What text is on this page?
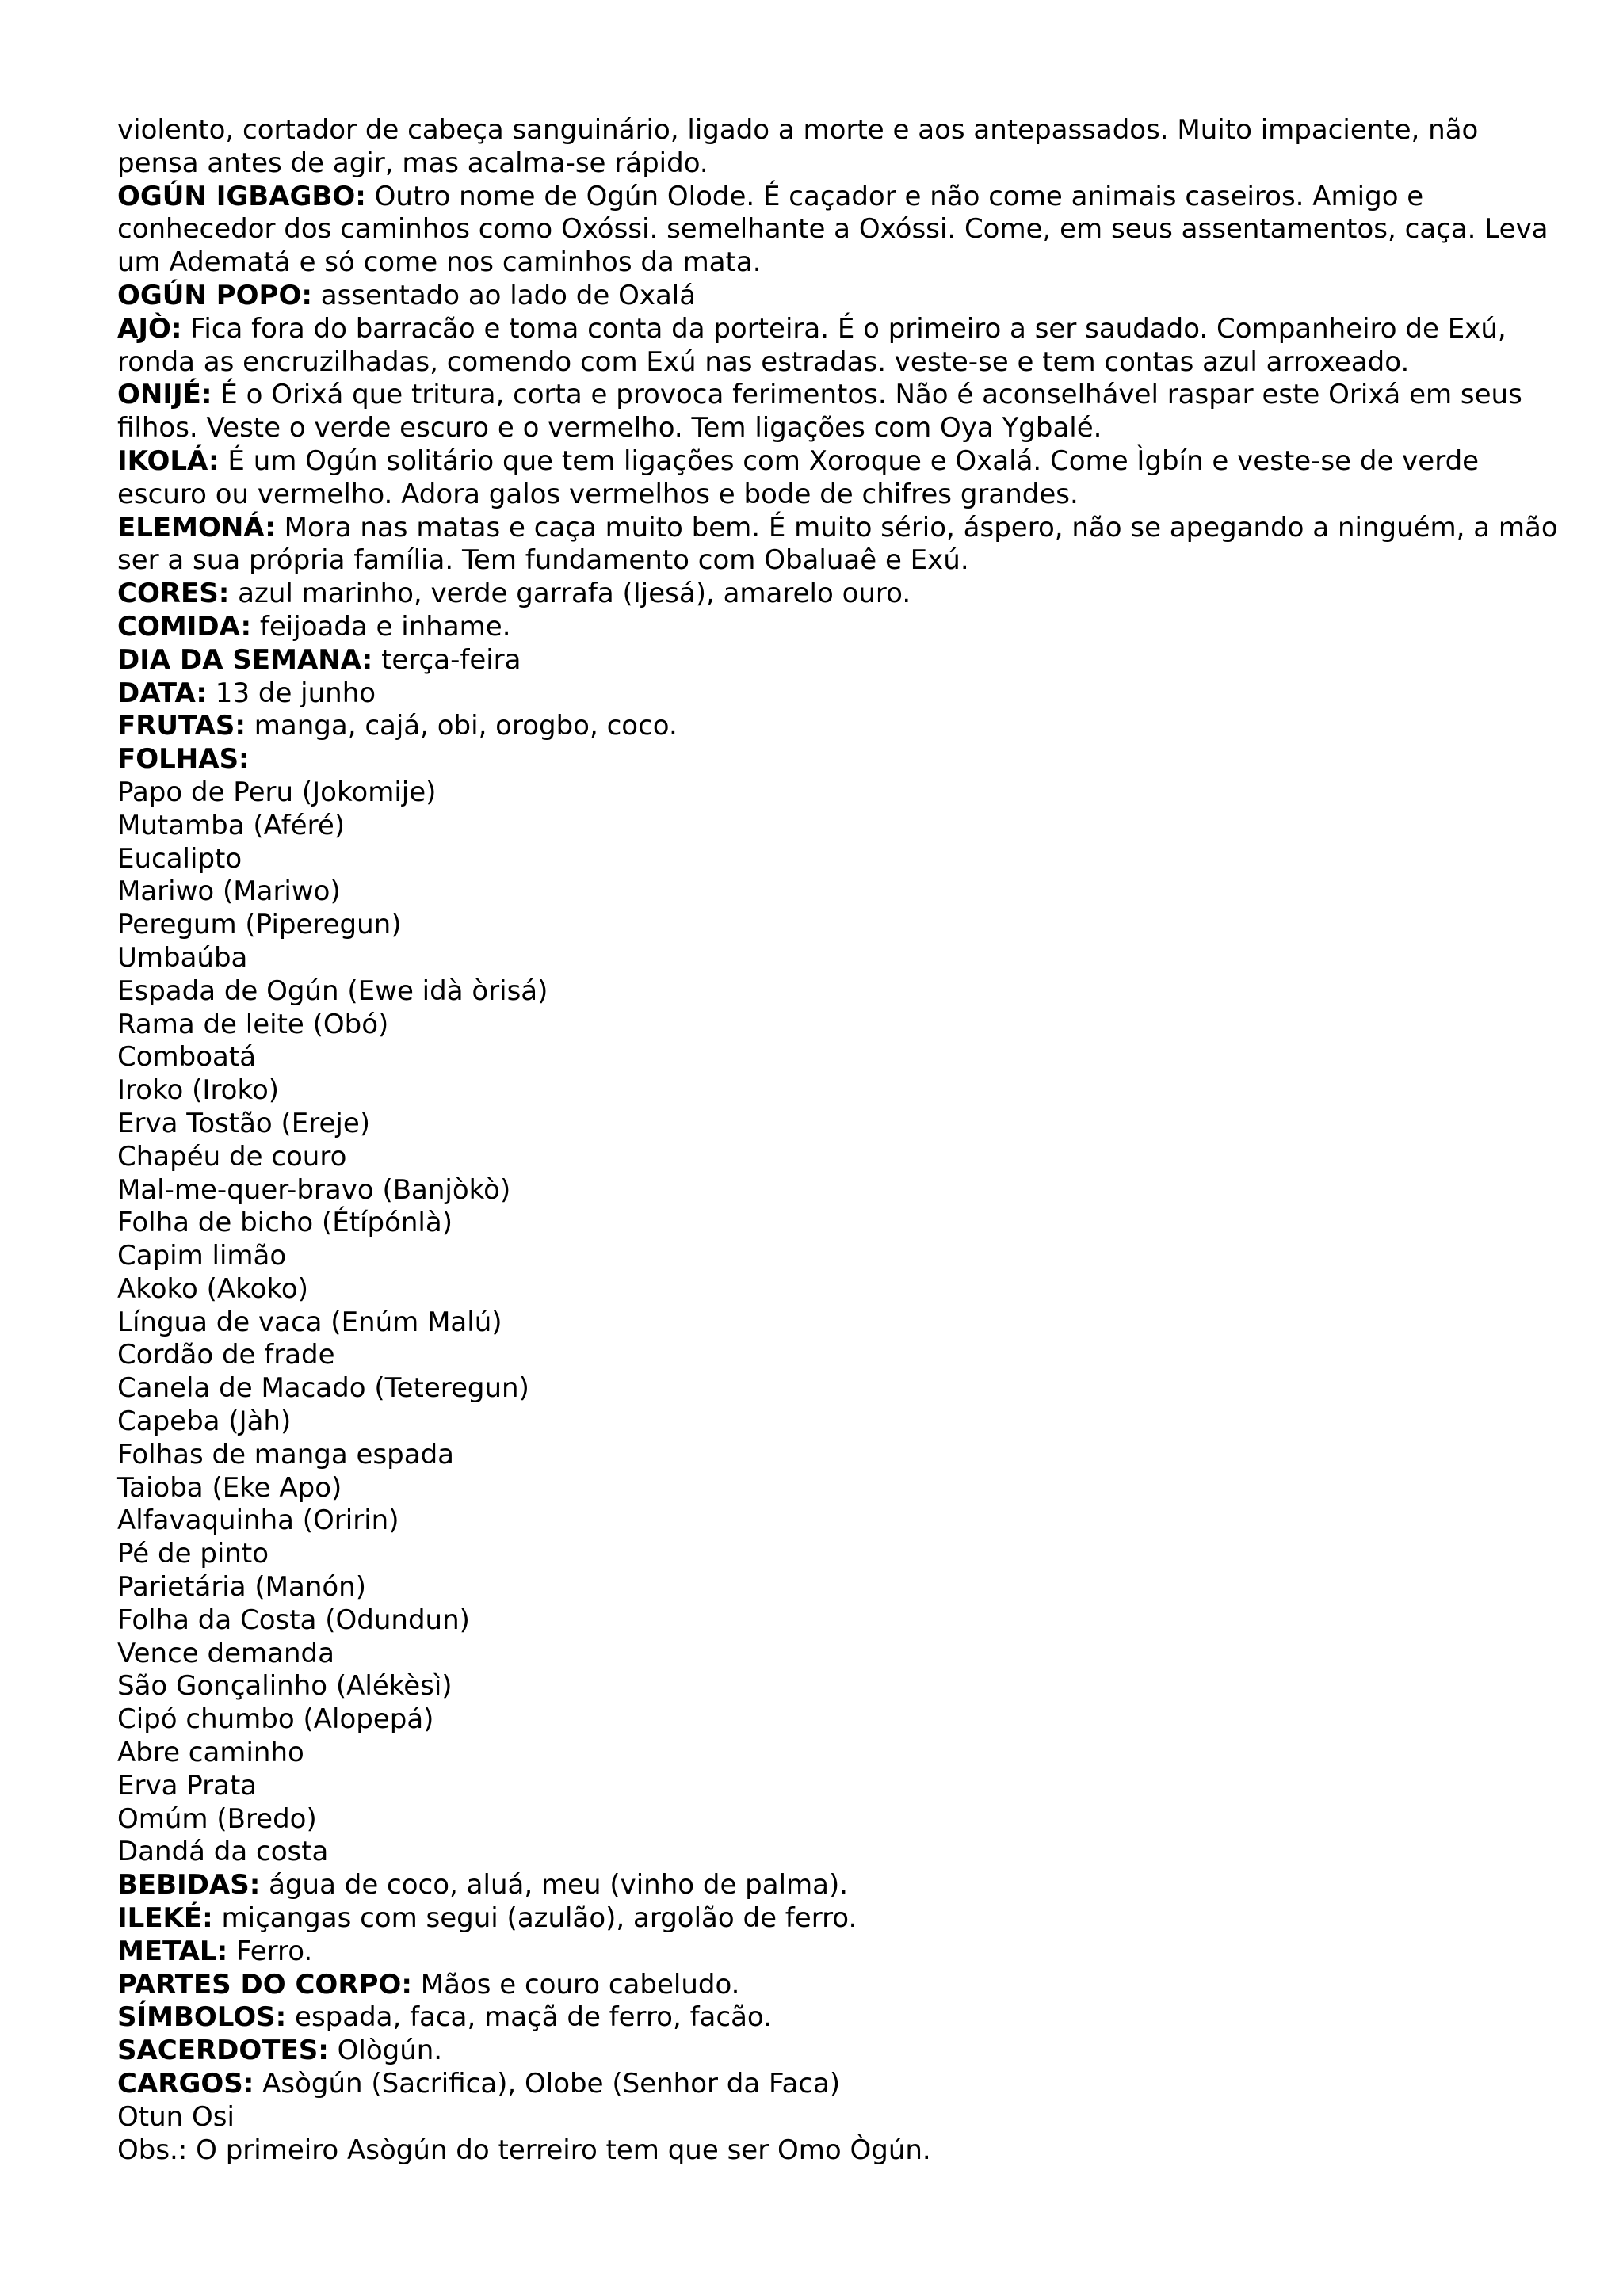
violento, cortador de cabeça sanguinário, ligado a morte e aos antepassados. Muito impaciente, não pensa antes de agir, mas acalma-se rápido.

OGÚN IGBAGBO: Outro nome de Ogún Olode. É caçador e não come animais caseiros. Amigo e conhecedor dos caminhos como Oxóssi. semelhante a Oxóssi. Come, em seus assentamentos, caça. Leva um Adematá e só come nos caminhos da mata.

OGÚN POPO: assentado ao lado de Oxalá

AJÒ: Fica fora do barracão e toma conta da porteira. É o primeiro a ser saudado. Companheiro de Exú, ronda as encruzilhadas, comendo com Exú nas estradas. veste-se e tem contas azul arroxeado.

ONIJÉ: É o Orixá que tritura, corta e provoca ferimentos. Não é aconselhável raspar este Orixá em seus filhos. Veste o verde escuro e o vermelho. Tem ligações com Oya Ygbalé.

IKOLÁ: É um Ogún solitário que tem ligações com Xoroque e Oxalá. Come Ìgbín e veste-se de verde escuro ou vermelho. Adora galos vermelhos e bode de chifres grandes.

ELEMONÁ: Mora nas matas e caça muito bem. É muito sério, áspero, não se apegando a ninguém, a mão ser a sua própria família. Tem fundamento com Obaluaê e Exú.

CORES: azul marinho, verde garrafa (Ijesá), amarelo ouro.

COMIDA: feijoada e inhame.

DIA DA SEMANA: terça-feira

DATA: 13 de junho

FRUTAS: manga, cajá, obi, orogbo, coco.

FOLHAS:
Papo de Peru (Jokomije)
Mutamba (Aféré)
Eucalipto
Mariwo (Mariwo)
Peregum (Piperegun)
Umbaúba
Espada de Ogún (Ewe idà òrisá)
Rama de leite (Obó)
Comboatá
Iroko (Iroko)
Erva Tostão (Ereje)
Chapéu de couro
Mal-me-quer-bravo (Banjòkò)
Folha de bicho (Étípónlà)
Capim limão
Akoko (Akoko)
Língua de vaca (Enúm Malú)
Cordão de frade
Canela de Macado (Teteregun)
Capeba (Jàh)
Folhas de manga espada
Taioba (Eke Apo)
Alfavaquinha (Oririn)
Pé de pinto
Parietária (Manón)
Folha da Costa (Odundun)
Vence demanda
São Gonçalinho (Alékèsì)
Cipó chumbo (Alopepá)
Abre caminho
Erva Prata
Omúm (Bredo)
Dandá da costa

BEBIDAS: água de coco, aluá, meu (vinho de palma).

ILEKÉ: miçangas com segui (azulão), argolão de ferro.

METAL: Ferro.

PARTES DO CORPO: Mãos e couro cabeludo.

SÍMBOLOS: espada, faca, maçã de ferro, facão.

SACERDOTES: Ològún.

CARGOS: Asògún (Sacrifica), Olobe (Senhor da Faca)

Otun Osi
Obs.: O primeiro Asògún do terreiro tem que ser Omo Ògún.
